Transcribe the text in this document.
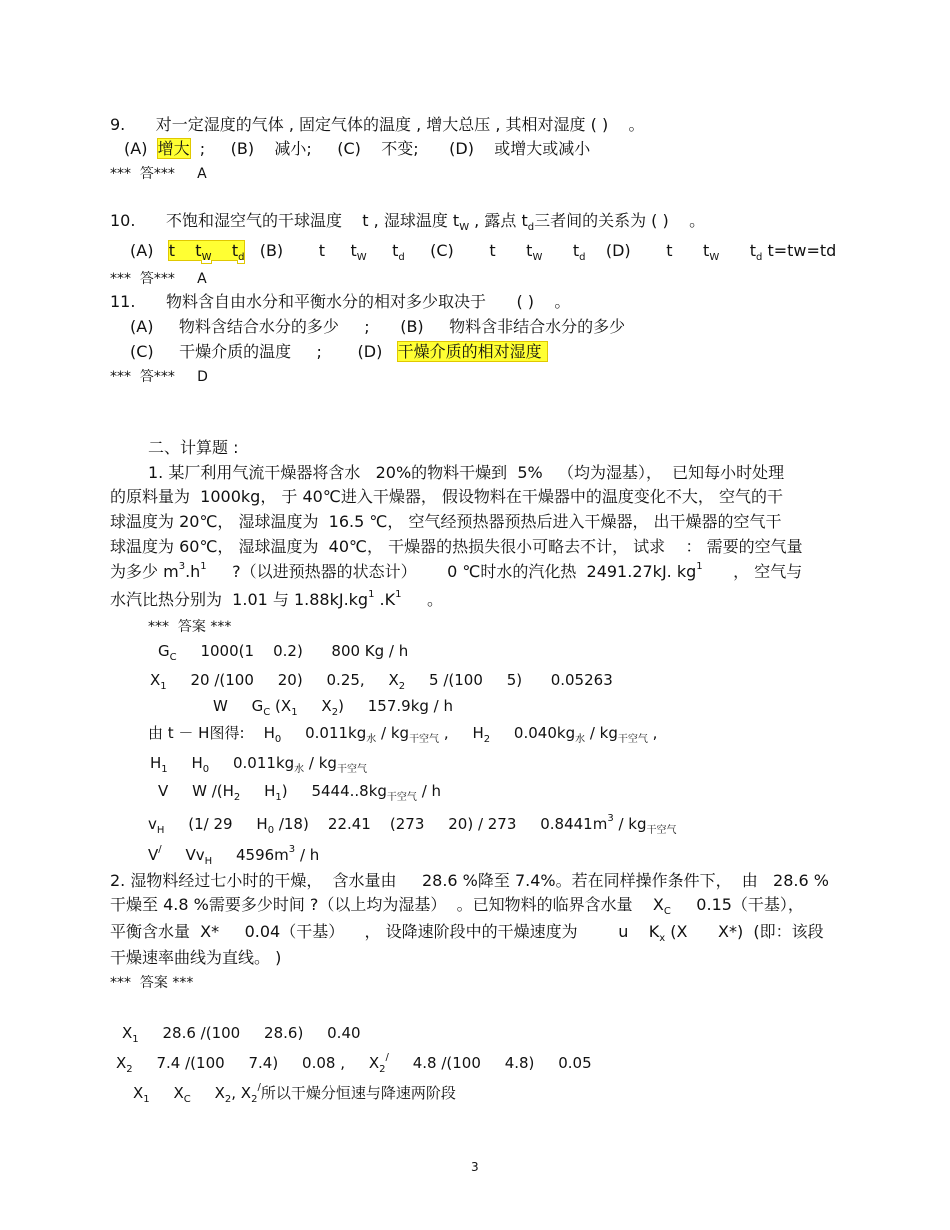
9.      对一定湿度的气体 , 固定气体的温度 , 增大总压 , 其相对湿度 ( )    。
(A)  增大  ;     (B)    减小;     (C)    不变;      (D)    或增大或减小
***  答***     A
10.      不饱和湿空气的干球温度    t , 湿球温度 $t_W$ , 露点 $t_d$三者间的关系为 ( )    。
(A)   t    $t_W$    $t_d$   (B)       t     $t_W$     $t_d$     (C)       t      $t_W$      $t_d$    (D)       t      $t_W$      $t_d$ t=tw=td
***  答***     A
11.      物料含自由水分和平衡水分的相对多少取决于      ( )    。
(A)     物料含结合水分的多少     ;      (B)     物料含非结合水分的多少
(C)     干燥介质的温度     ;       (D)   干燥介质的相对湿度
***  答***     D
二、计算题 :
1. 某厂利用气流干燥器将含水   20%的物料干燥到  5%   （均为湿基），  已知每小时处理
的原料量为  1000kg， 于 40℃进入干燥器， 假设物料在干燥器中的温度变化不大， 空气的干
球温度为 20℃， 湿球温度为  16.5 ℃， 空气经预热器预热后进入干燥器， 出干燥器的空气干
球温度为 60℃， 湿球温度为  40℃， 干燥器的热损失很小可略去不计， 试求    ： 需要的空气量
为多少 $m^3.h^1$     ?（以进预热器的状态计）      0 ℃时水的汽化热  2491.27kJ. $kg^1$      ， 空气与
水汽比热分别为  1.01 与 $1.88kJ.kg^1$ $.K^1$     。
***  答案 ***
$G_C$     1000(1    0.2)      800 Kg / h
$X_1$     20 /(100     20)     0.25,     $X_2$     5 /(100     5)      0.05263
W     $G_C$ ($X_1$     $X_2$)     157.9kg / h
由 t － H图得:    $H_0$     $0.011kg_水 / kg_{干空气}$ ,     $H_2$     $0.040kg_水 / kg_{干空气}$ ,
$H_1$     $H_0$     $0.011kg_水 / kg_{干空气}$
V     W $/(H_2$     $H_1$)     $5444..8kg_{干空气}$ / h
$v_H$     (1/ 29     $H_0$ /18)    22.41    (273     20) / 273     $0.8441m^3 / kg_{干空气}$
V/     $Vv_H$     $4596m^3$ / h
2. 湿物料经过七小时的干燥，  含水量由     28.6 %降至 7.4%。若在同样操作条件下，  由   28.6 %
干燥至 4.8 %需要多少时间 ?（以上均为湿基）  。已知物料的临界含水量    $X_C$     0.15（干基），
平衡含水量  X*     0.04（干基）    ， 设降速阶段中的干燥速度为        u    $K_x$ (X      X*)  (即：该段
干燥速率曲线为直线。 )
***  答案 ***
$X_1$     28.6 /(100     28.6)     0.40
$X_2$     7.4 /(100     7.4)     0.08 ,     $X_2^/$     4.8 /(100     4.8)     0.05
$X_1$     $X_C$     $X_2$, $X_2^/$所以干燥分恒速与降速两阶段
3
